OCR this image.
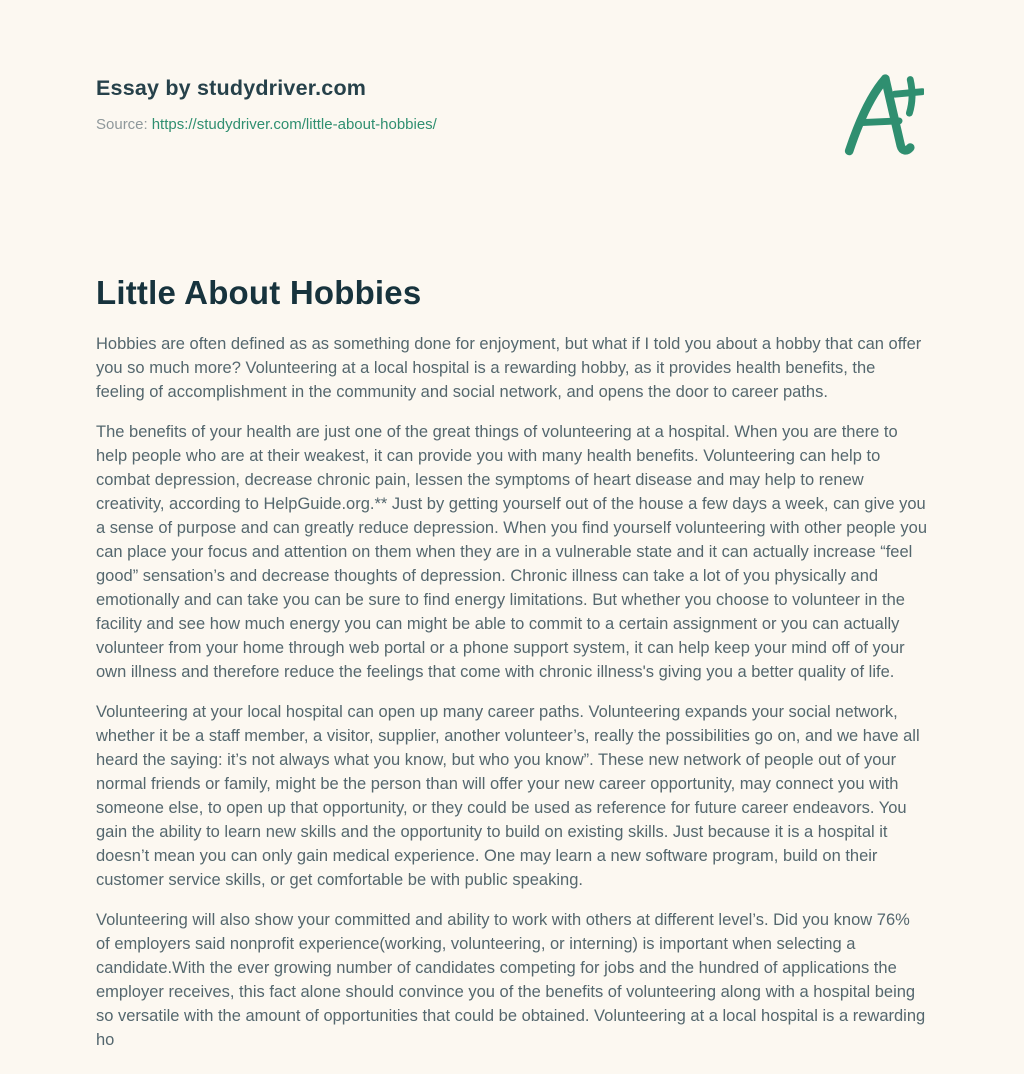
Essay by studydriver.com
Source: https://studydriver.com/little-about-hobbies/
Little About Hobbies

Hobbies are often defined as as something done for enjoyment, but what if I told you about a hobby that can offer you so much more? Volunteering at a local hospital is a rewarding hobby, as it provides health benefits, the feeling of accomplishment in the community and social network, and opens the door to career paths.

The benefits of your health are just one of the great things of volunteering at a hospital. When you are there to help people who are at their weakest, it can provide you with many health benefits. Volunteering can help to combat depression, decrease chronic pain, lessen the symptoms of heart disease and may help to renew creativity, according to HelpGuide.org.** Just by getting yourself out of the house a few days a week, can give you a sense of purpose and can greatly reduce depression. When you find yourself volunteering with other people you can place your focus and attention on them when they are in a vulnerable state and it can actually increase “feel good” sensation’s and decrease thoughts of depression. Chronic illness can take a lot of you physically and emotionally and can take you can be sure to find energy limitations. But whether you choose to volunteer in the facility and see how much energy you can might be able to commit to a certain assignment or you can actually volunteer from your home through web portal or a phone support system, it can help keep your mind off of your own illness and therefore reduce the feelings that come with chronic illness's giving you a better quality of life.

Volunteering at your local hospital can open up many career paths. Volunteering expands your social network, whether it be a staff member, a visitor, supplier, another volunteer’s, really the possibilities go on, and we have all heard the saying: it’s not always what you know, but who you know”. These new network of people out of your normal friends or family, might be the person than will offer your new career opportunity, may connect you with someone else, to open up that opportunity, or they could be used as reference for future career endeavors. You gain the ability to learn new skills and the opportunity to build on existing skills. Just because it is a hospital it doesn’t mean you can only gain medical experience. One may learn a new software program, build on their customer service skills, or get comfortable be with public speaking.

Volunteering will also show your committed and ability to work with others at different level’s. Did you know 76% of employers said nonprofit experience(working, volunteering, or interning) is important when selecting a candidate.With the ever growing number of candidates competing for jobs and the hundred of applications the employer receives, this fact alone should convince you of the benefits of volunteering along with a hospital being so versatile with the amount of opportunities that could be obtained. Volunteering at a local hospital is a rewarding ho
